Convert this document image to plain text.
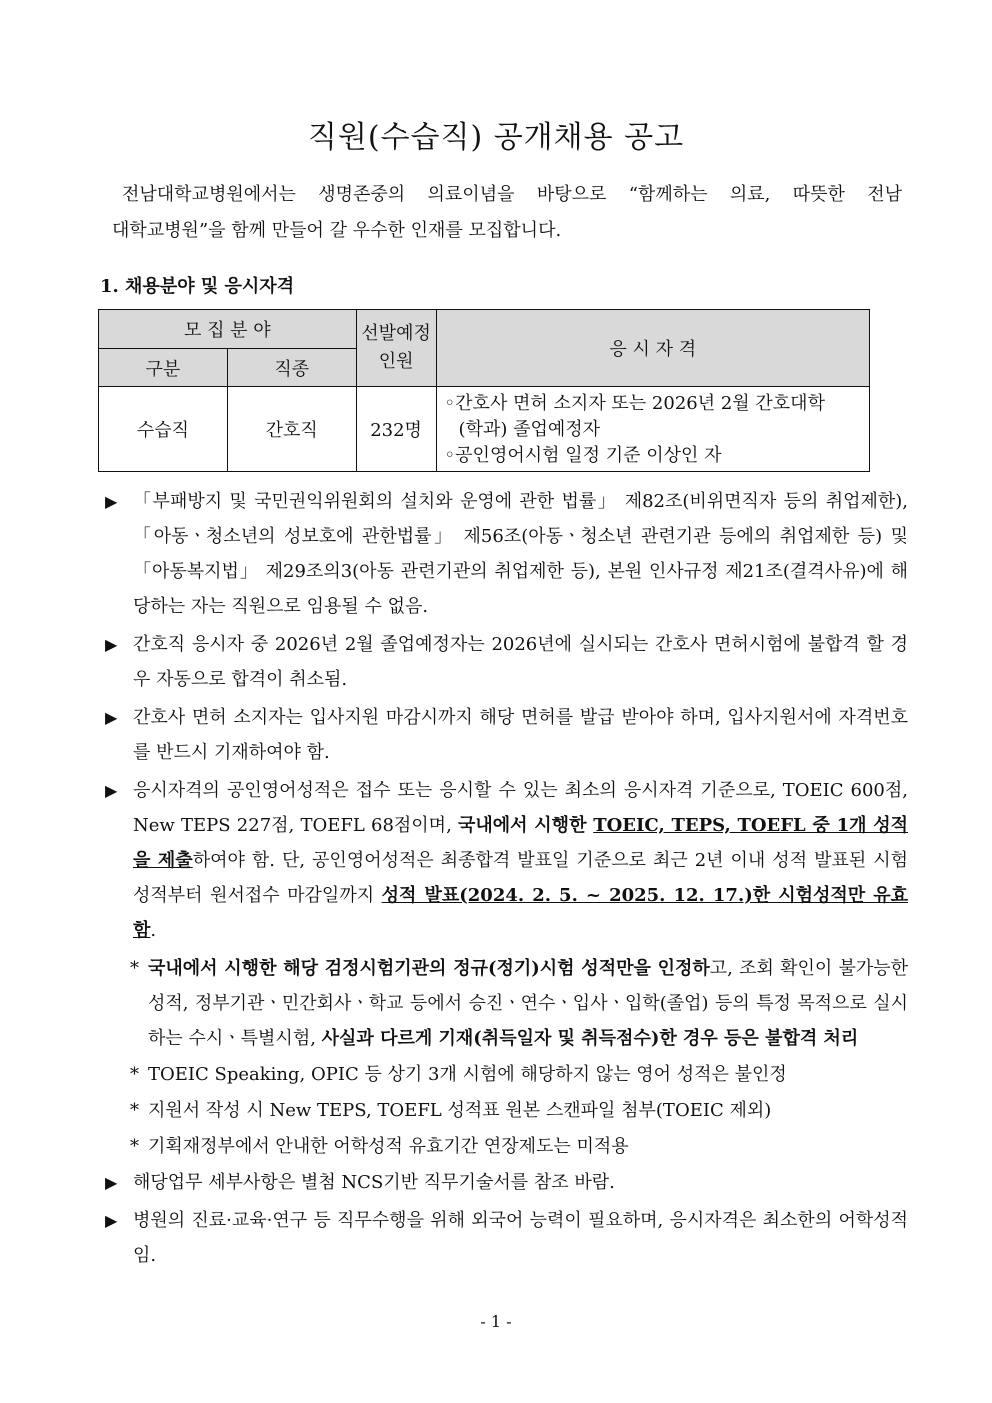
직원(수습직) 공개채용 공고
전남대학교병원에서는 생명존중의 의료이념을 바탕으로 “함께하는 의료, 따뜻한 전남
대학교병원”을 함께 만들어 갈 우수한 인재를 모집합니다.
1. 채용분야 및 응시자격
모 집 분 야		선발예정 인원	응 시 자 격
구분	직종		
수습직	간호직	232명	◦간호사 면허 소지자 또는 2026년 2월 간호대학
(학과) 졸업예정자
◦공인영어시험 일정 기준 이상인 자
▶ 「부패방지 및 국민권익위원회의 설치와 운영에 관한 법률」 제82조(비위면직자 등의 취업제한), 「아동ㆍ청소년의 성보호에 관한법률」 제56조(아동ㆍ청소년 관련기관 등에의 취업제한 등) 및 「아동복지법」 제29조의3(아동 관련기관의 취업제한 등), 본원 인사규정 제21조(결격사유)에 해당하는 자는 직원으로 임용될 수 없음.
▶ 간호직 응시자 중 2026년 2월 졸업예정자는 2026년에 실시되는 간호사 면허시험에 불합격 할 경우 자동으로 합격이 취소됨.
▶ 간호사 면허 소지자는 입사지원 마감시까지 해당 면허를 발급 받아야 하며, 입사지원서에 자격번호를 반드시 기재하여야 함.
▶ 응시자격의 공인영어성적은 접수 또는 응시할 수 있는 최소의 응시자격 기준으로, TOEIC 600점, New TEPS 227점, TOEFL 68점이며, 국내에서 시행한 TOEIC, TEPS, TOEFL 중 1개 성적을 제출하여야 함. 단, 공인영어성적은 최종합격 발표일 기준으로 최근 2년 이내 성적 발표된 시험성적부터 원서접수 마감일까지 성적 발표(2024. 2. 5. ~ 2025. 12. 17.)한 시험성적만 유효함.
* 국내에서 시행한 해당 검정시험기관의 정규(정기)시험 성적만을 인정하고, 조회 확인이 불가능한 성적, 정부기관ㆍ민간회사ㆍ학교 등에서 승진ㆍ연수ㆍ입사ㆍ입학(졸업) 등의 특정 목적으로 실시하는 수시ㆍ특별시험, 사실과 다르게 기재(취득일자 및 취득점수)한 경우 등은 불합격 처리
* TOEIC Speaking, OPIC 등 상기 3개 시험에 해당하지 않는 영어 성적은 불인정
* 지원서 작성 시 New TEPS, TOEFL 성적표 원본 스캔파일 첨부(TOEIC 제외)
* 기획재정부에서 안내한 어학성적 유효기간 연장제도는 미적용
▶ 해당업무 세부사항은 별첨 NCS기반 직무기술서를 참조 바람.
▶ 병원의 진료·교육·연구 등 직무수행을 위해 외국어 능력이 필요하며, 응시자격은 최소한의 어학성적임.
- 1 -
